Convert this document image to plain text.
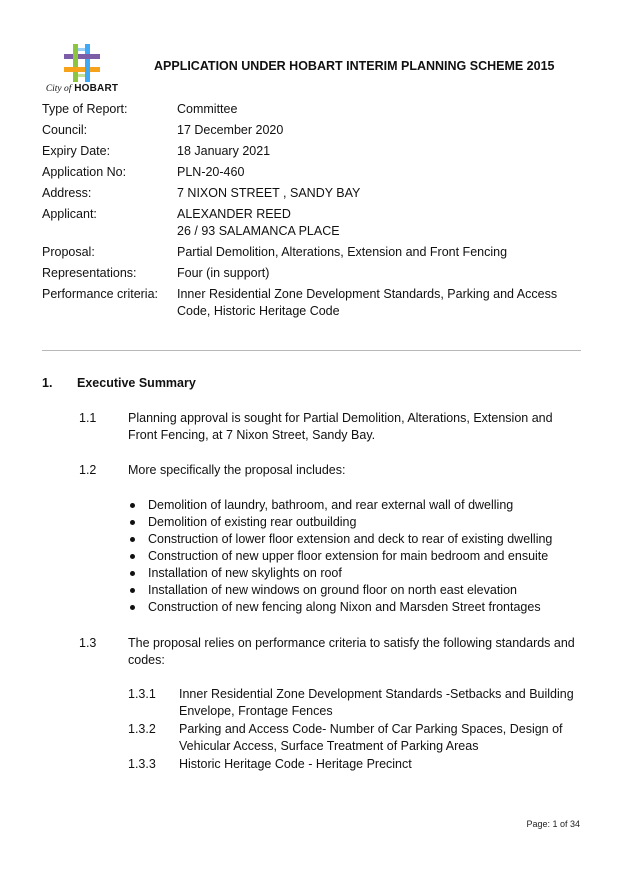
City of HOBART
APPLICATION UNDER HOBART INTERIM PLANNING SCHEME 2015
Type of Report:	Committee
Council:	17 December 2020
Expiry Date:	18 January 2021
Application No:	PLN-20-460
Address:	7 NIXON STREET , SANDY BAY
Applicant:	ALEXANDER REED
26 / 93 SALAMANCA PLACE
Proposal:	Partial Demolition, Alterations, Extension and Front Fencing
Representations:	Four (in support)
Performance criteria:	Inner Residential Zone Development Standards, Parking and Access
Code, Historic Heritage Code
1.	Executive Summary
1.1	Planning approval is sought for Partial Demolition, Alterations, Extension and Front Fencing, at 7 Nixon Street, Sandy Bay.
1.2	More specifically the proposal includes:
Demolition of laundry, bathroom, and rear external wall of dwelling
Demolition of existing rear outbuilding
Construction of lower floor extension and deck to rear of existing dwelling
Construction of new upper floor extension for main bedroom and ensuite
Installation of new skylights on roof
Installation of new windows on ground floor on north east elevation
Construction of new fencing along Nixon and Marsden Street frontages
1.3	The proposal relies on performance criteria to satisfy the following standards and codes:
1.3.1	Inner Residential Zone Development Standards -Setbacks and Building Envelope, Frontage Fences
1.3.2	Parking and Access Code- Number of Car Parking Spaces, Design of Vehicular Access, Surface Treatment of Parking Areas
1.3.3	Historic Heritage Code - Heritage Precinct
Page: 1 of 34
